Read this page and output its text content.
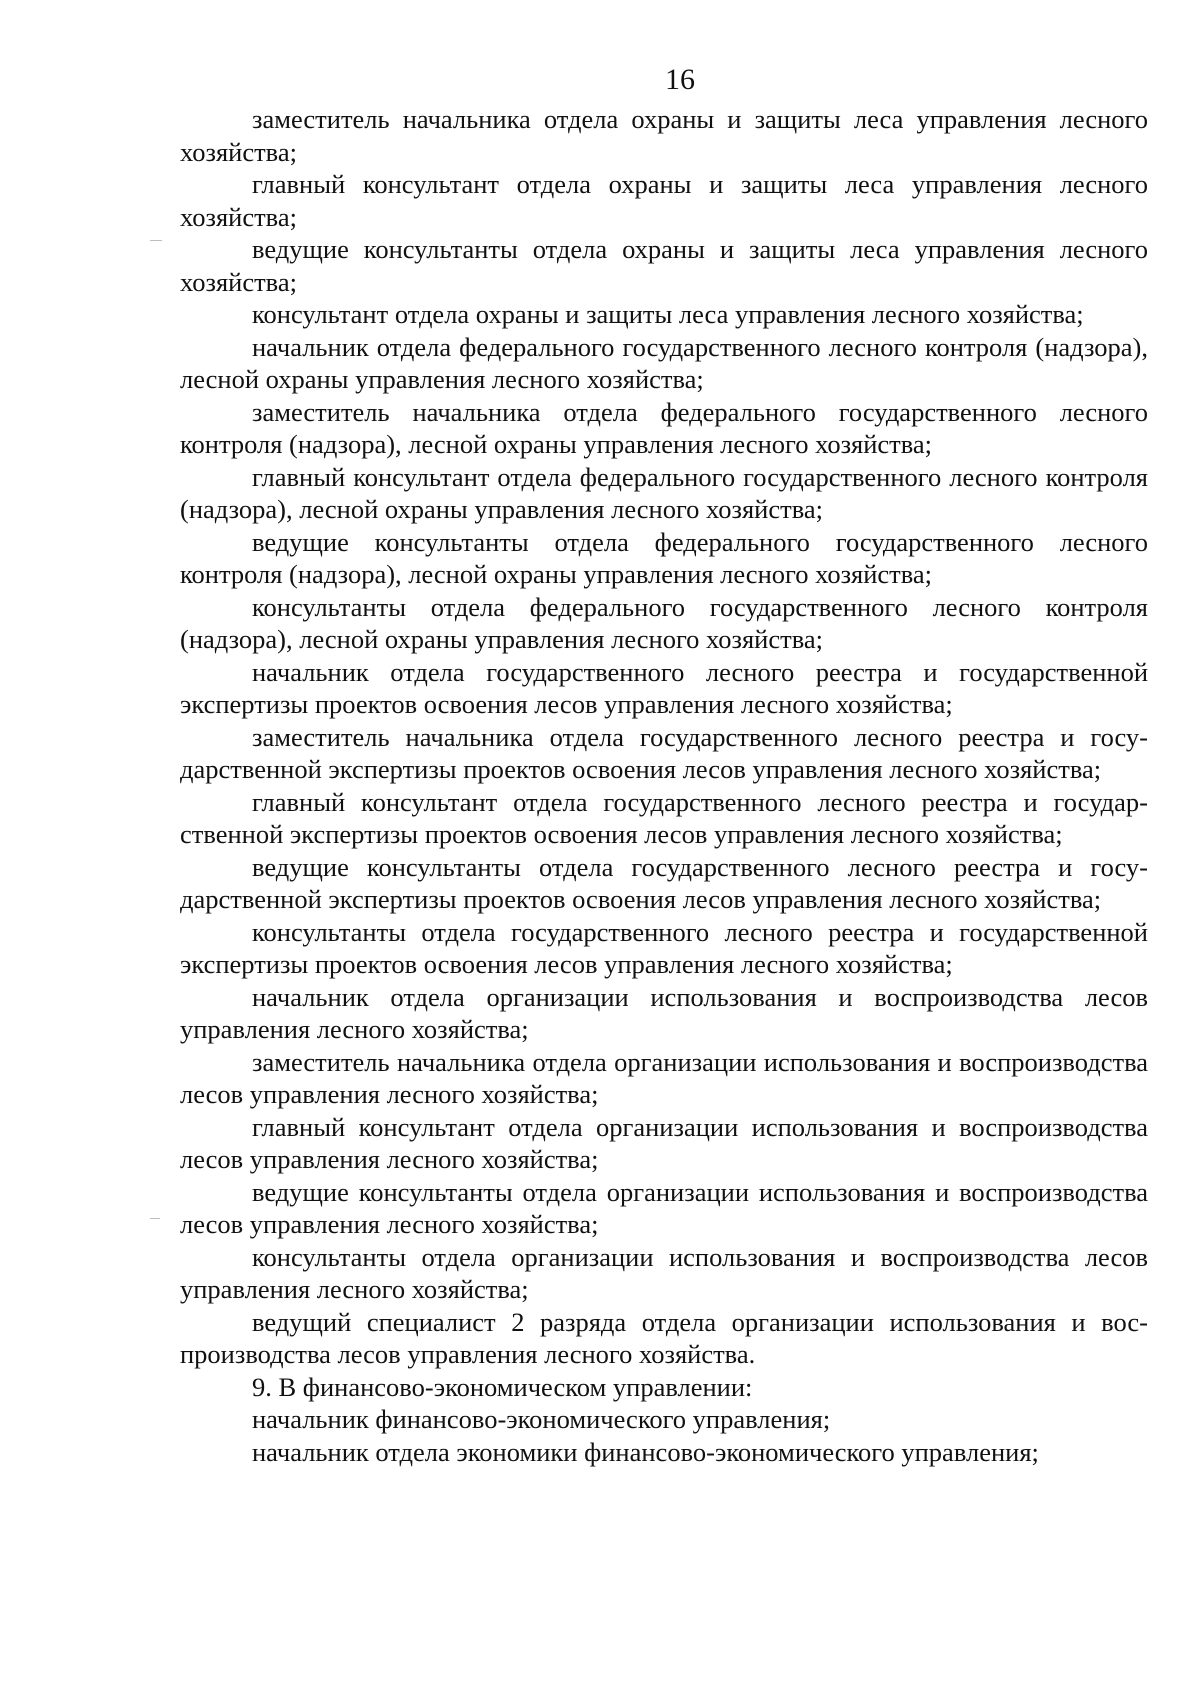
16

заместитель начальника отдела охраны и защиты леса управления лесного хозяйства;

главный консультант отдела охраны и защиты леса управления лесного хозяйства;

ведущие консультанты отдела охраны и защиты леса управления лесного хозяйства;

консультант отдела охраны и защиты леса управления лесного хозяйства;

начальник отдела федерального государственного лесного контроля (надзора), лесной охраны управления лесного хозяйства;

заместитель начальника отдела федерального государственного лесного контроля (надзора), лесной охраны управления лесного хозяйства;

главный консультант отдела федерального государственного лесного контроля (надзора), лесной охраны управления лесного хозяйства;

ведущие консультанты отдела федерального государственного лесного контроля (надзора), лесной охраны управления лесного хозяйства;

консультанты отдела федерального государственного лесного контроля (надзора), лесной охраны управления лесного хозяйства;

начальник отдела государственного лесного реестра и государственной экспертизы проектов освоения лесов управления лесного хозяйства;

заместитель начальника отдела государственного лесного реестра и государственной экспертизы проектов освоения лесов управления лесного хозяйства;

главный консультант отдела государственного лесного реестра и государственной экспертизы проектов освоения лесов управления лесного хозяйства;

ведущие консультанты отдела государственного лесного реестра и государственной экспертизы проектов освоения лесов управления лесного хозяйства;

консультанты отдела государственного лесного реестра и государственной экспертизы проектов освоения лесов управления лесного хозяйства;

начальник отдела организации использования и воспроизводства лесов управления лесного хозяйства;

заместитель начальника отдела организации использования и воспроизводства лесов управления лесного хозяйства;

главный консультант отдела организации использования и воспроизводства лесов управления лесного хозяйства;

ведущие консультанты отдела организации использования и воспроизводства лесов управления лесного хозяйства;

консультанты отдела организации использования и воспроизводства лесов управления лесного хозяйства;

ведущий специалист 2 разряда отдела организации использования и воспроизводства лесов управления лесного хозяйства.

9. В финансово-экономическом управлении:

начальник финансово-экономического управления;

начальник отдела экономики финансово-экономического управления;
